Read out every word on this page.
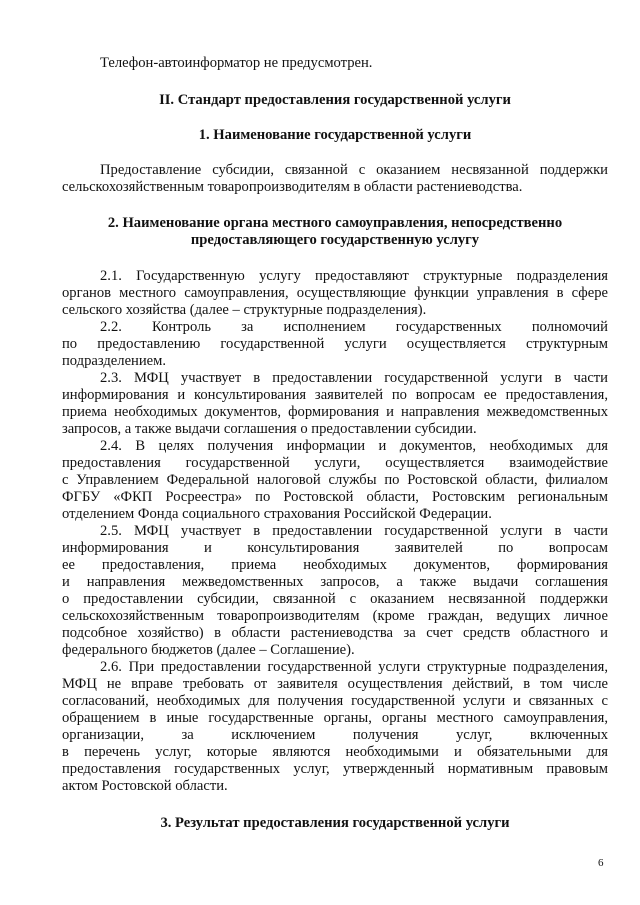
Телефон-автоинформатор не предусмотрен.
II. Стандарт предоставления государственной услуги
1. Наименование государственной услуги
Предоставление субсидии, связанной с оказанием несвязанной поддержки
сельскохозяйственным товаропроизводителям в области растениеводства.
2. Наименование органа местного самоуправления, непосредственно
предоставляющего государственную услугу
2.1. Государственную услугу предоставляют структурные подразделения
органов местного самоуправления, осуществляющие функции управления в сфере
сельского хозяйства (далее – структурные подразделения).
2.2. Контроль за исполнением государственных полномочий
по предоставлению государственной услуги осуществляется структурным
подразделением.
2.3. МФЦ участвует в предоставлении государственной услуги в части
информирования и консультирования заявителей по вопросам ее предоставления,
приема необходимых документов, формирования и направления межведомственных
запросов, а также выдачи соглашения о предоставлении субсидии.
2.4. В целях получения информации и документов, необходимых для
предоставления государственной услуги, осуществляется взаимодействие
с Управлением Федеральной налоговой службы по Ростовской области, филиалом
ФГБУ «ФКП Росреестра» по Ростовской области, Ростовским региональным
отделением Фонда социального страхования Российской Федерации.
2.5. МФЦ участвует в предоставлении государственной услуги в части
информирования и консультирования заявителей по вопросам
ее предоставления, приема необходимых документов, формирования
и направления межведомственных запросов, а также выдачи соглашения
о предоставлении субсидии, связанной с оказанием несвязанной поддержки
сельскохозяйственным товаропроизводителям (кроме граждан, ведущих личное
подсобное хозяйство) в области растениеводства за счет средств областного и
федерального бюджетов (далее – Соглашение).
2.6. При предоставлении государственной услуги структурные подразделения,
МФЦ не вправе требовать от заявителя осуществления действий, в том числе
согласований, необходимых для получения государственной услуги и связанных с
обращением в иные государственные органы, органы местного самоуправления,
организации, за исключением получения услуг, включенных
в перечень услуг, которые являются необходимыми и обязательными для
предоставления государственных услуг, утвержденный нормативным правовым
актом Ростовской области.
3. Результат предоставления государственной услуги
6
